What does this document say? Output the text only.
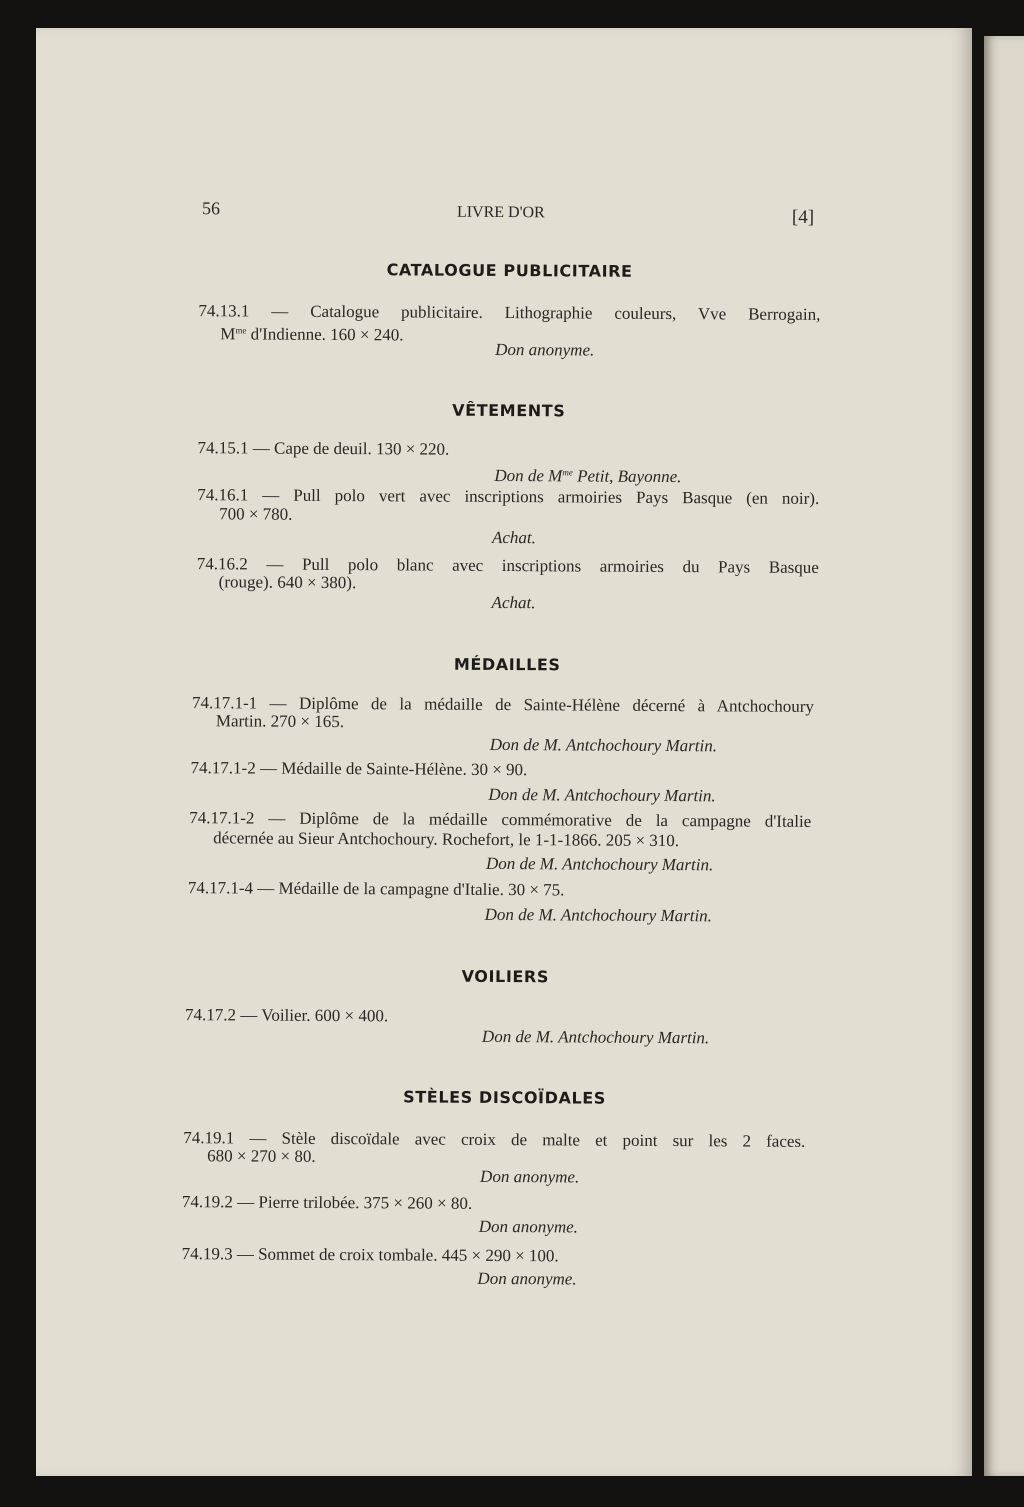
56	LIVRE D'OR	[4]
CATALOGUE PUBLICITAIRE
74.13.1 — Catalogue publicitaire. Lithographie couleurs, Vve Berrogain,
$M^{me}$ d'Indienne. 160 × 240.
Don anonyme.
VÊTEMENTS
74.15.1 — Cape de deuil. 130 × 220.
Don de $M^{me}$ Petit, Bayonne.
74.16.1 — Pull polo vert avec inscriptions armoiries Pays Basque (en noir).
700 × 780.
Achat.
74.16.2 — Pull polo blanc avec inscriptions armoiries du Pays Basque
(rouge). 640 × 380).
Achat.
MÉDAILLES
74.17.1-1 — Diplôme de la médaille de Sainte-Hélène décerné à Antchochoury
Martin. 270 × 165.
Don de M. Antchochoury Martin.
74.17.1-2 — Médaille de Sainte-Hélène. 30 × 90.
Don de M. Antchochoury Martin.
74.17.1-2 — Diplôme de la médaille commémorative de la campagne d'Italie
décernée au Sieur Antchochoury. Rochefort, le 1-1-1866. 205 × 310.
Don de M. Antchochoury Martin.
74.17.1-4 — Médaille de la campagne d'Italie. 30 × 75.
Don de M. Antchochoury Martin.
VOILIERS
74.17.2 — Voilier. 600 × 400.
Don de M. Antchochoury Martin.
STÈLES DISCOÏDALES
74.19.1 — Stèle discoïdale avec croix de malte et point sur les 2 faces.
680 × 270 × 80.
Don anonyme.
74.19.2 — Pierre trilobée. 375 × 260 × 80.
Don anonyme.
74.19.3 — Sommet de croix tombale. 445 × 290 × 100.
Don anonyme.
